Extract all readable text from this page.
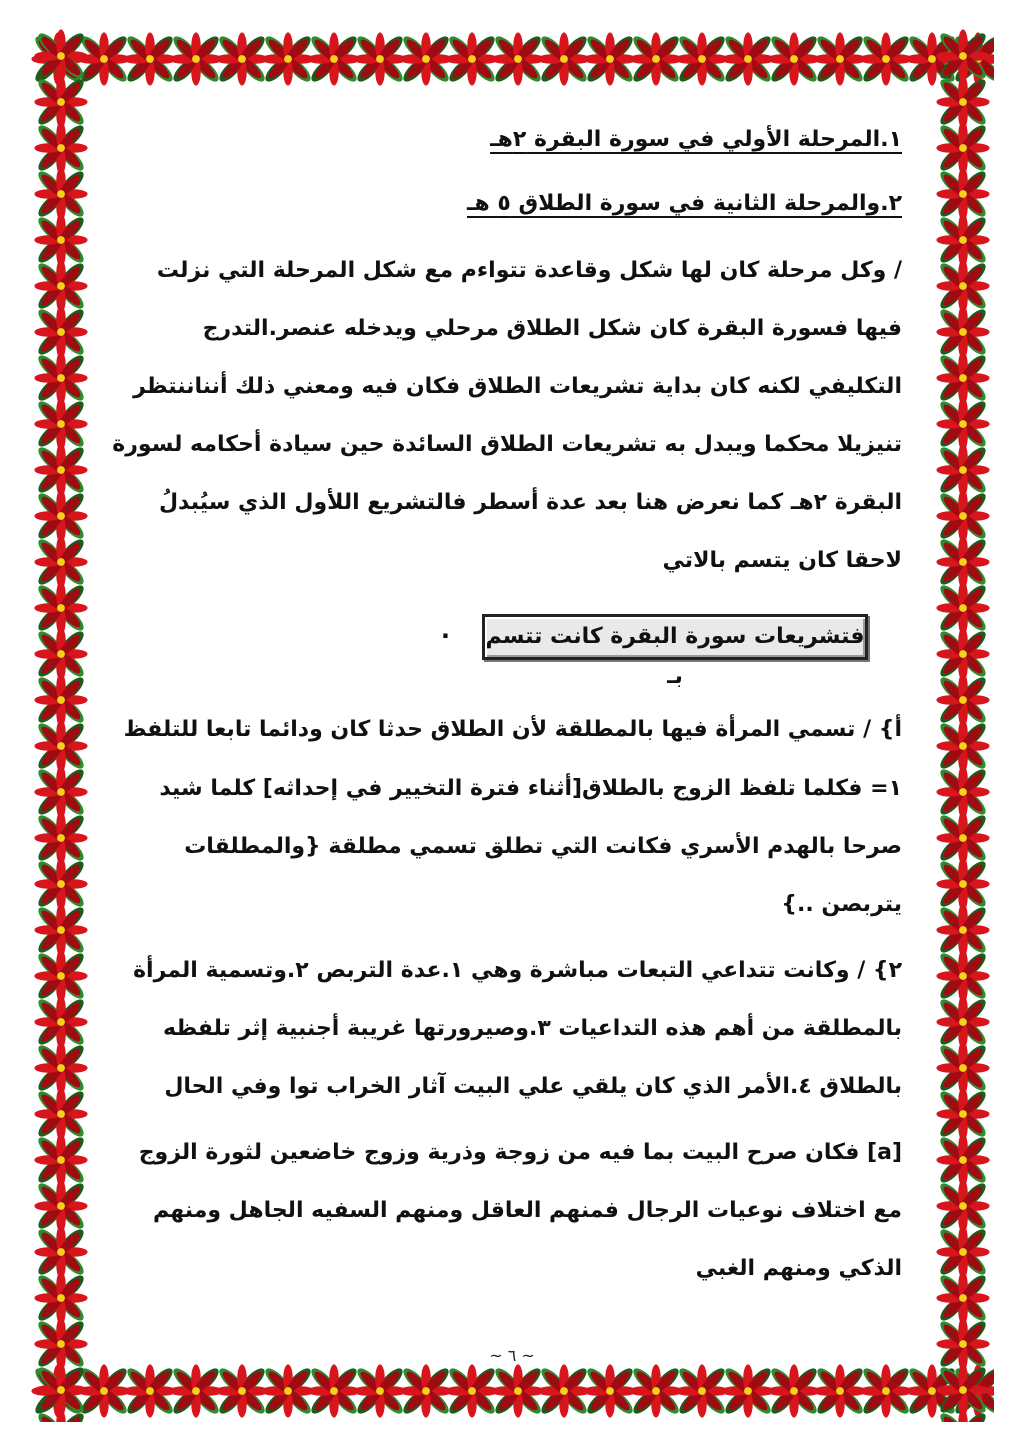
١.المرحلة الأولي في سورة البقرة ٢هـ

٢.والمرحلة الثانية في سورة الطلاق ٥ هـ

/ وكل مرحلة كان لها شكل وقاعدة تتواءم مع شكل المرحلة التي نزلت فيها فسورة البقرة كان شكل الطلاق مرحلي ويدخله عنصر.التدرج التكليفي لكنه كان بداية تشريعات الطلاق فكان فيه ومعني ذلك أنناننتظر تنيزيلا محكما ويبدل به تشريعات الطلاق السائدة حين سيادة أحكامه لسورة البقرة ٢هـ كما نعرض هنا بعد عدة أسطر فالتشريع اللأول الذي سيُبدلُ لاحقا كان يتسم بالاتي

فتشريعات سورة البقرة كانت تتسم بـ
.

أ} / تسمي المرأة فيها بالمطلقة لأن الطلاق حدثا كان ودائما تابعا للتلفظ

١= فكلما تلفظ الزوج بالطلاق[أثناء فترة التخيير في إحداثه] كلما شيد صرحا بالهدم الأسري فكانت التي تطلق تسمي مطلقة {والمطلقات يتربصن ..}

٢} / وكانت تتداعي التبعات مباشرة وهي ١.عدة التربص ٢.وتسمية المرأة بالمطلقة من أهم هذه التداعيات ٣.وصيرورتها غريبة أجنبية إثر تلفظه بالطلاق ٤.الأمر الذي كان يلقي علي البيت آثار الخراب توا وفي الحال

[a] فكان صرح البيت بما فيه من زوجة وذرية وزوج خاضعين لثورة الزوج مع اختلاف نوعيات الرجال فمنهم العاقل ومنهم السفيه الجاهل ومنهم الذكي ومنهم الغبي

~ ٦ ~
